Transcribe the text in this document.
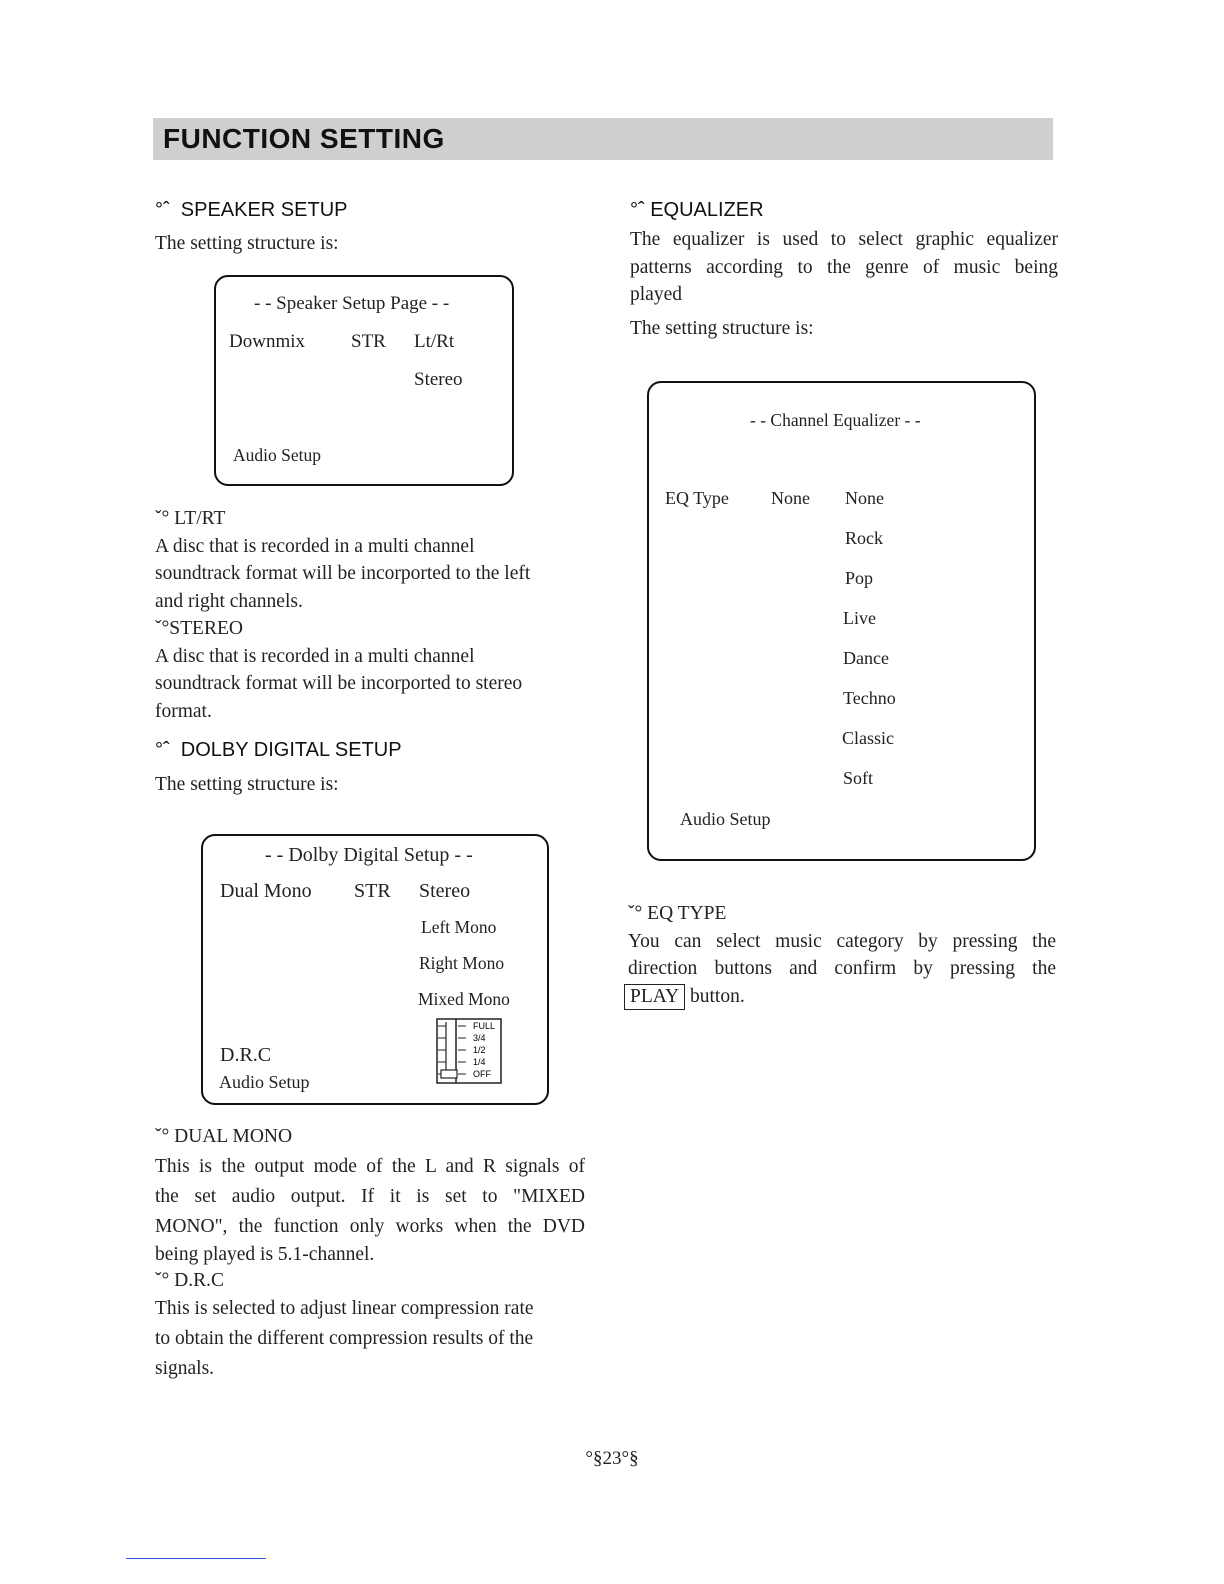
FUNCTION SETTING
°ˆ  SPEAKER SETUP
The setting structure is:
- - Speaker Setup Page - -
Downmix STR Lt/Rt
Stereo
Audio Setup
ˇ° LT/RT
A disc that is recorded in a multi channel
soundtrack format will be incorported to the left
and right channels.
ˇ°STEREO
A disc that is recorded in a multi channel
soundtrack format will be incorported to stereo
format.
°ˆ  DOLBY DIGITAL SETUP
The setting structure is:
- - Dolby Digital Setup - -
Dual Mono STR Stereo
Left Mono
Right Mono
Mixed Mono
D.R.C
Audio Setup
FULL
3/4
1/2
1/4
OFF
ˇ° DUAL MONO
This is the output mode of the L and R signals of
the set audio output. If it is set to "MIXED
MONO", the function only works when the DVD
being played is 5.1-channel.
ˇ° D.R.C
This is selected to adjust linear compression rate
to obtain the different compression results of the
signals.
°ˆ EQUALIZER
The equalizer is used to select graphic equalizer
patterns according to the genre of music being
played
The setting structure is:
- - Channel Equalizer - -
EQ Type None None
Rock
Pop
Live
Dance
Techno
Classic
Soft
Audio Setup
ˇ° EQ TYPE
You can select music category by pressing the
direction buttons and confirm by pressing the
PLAY button.
°§23°§
